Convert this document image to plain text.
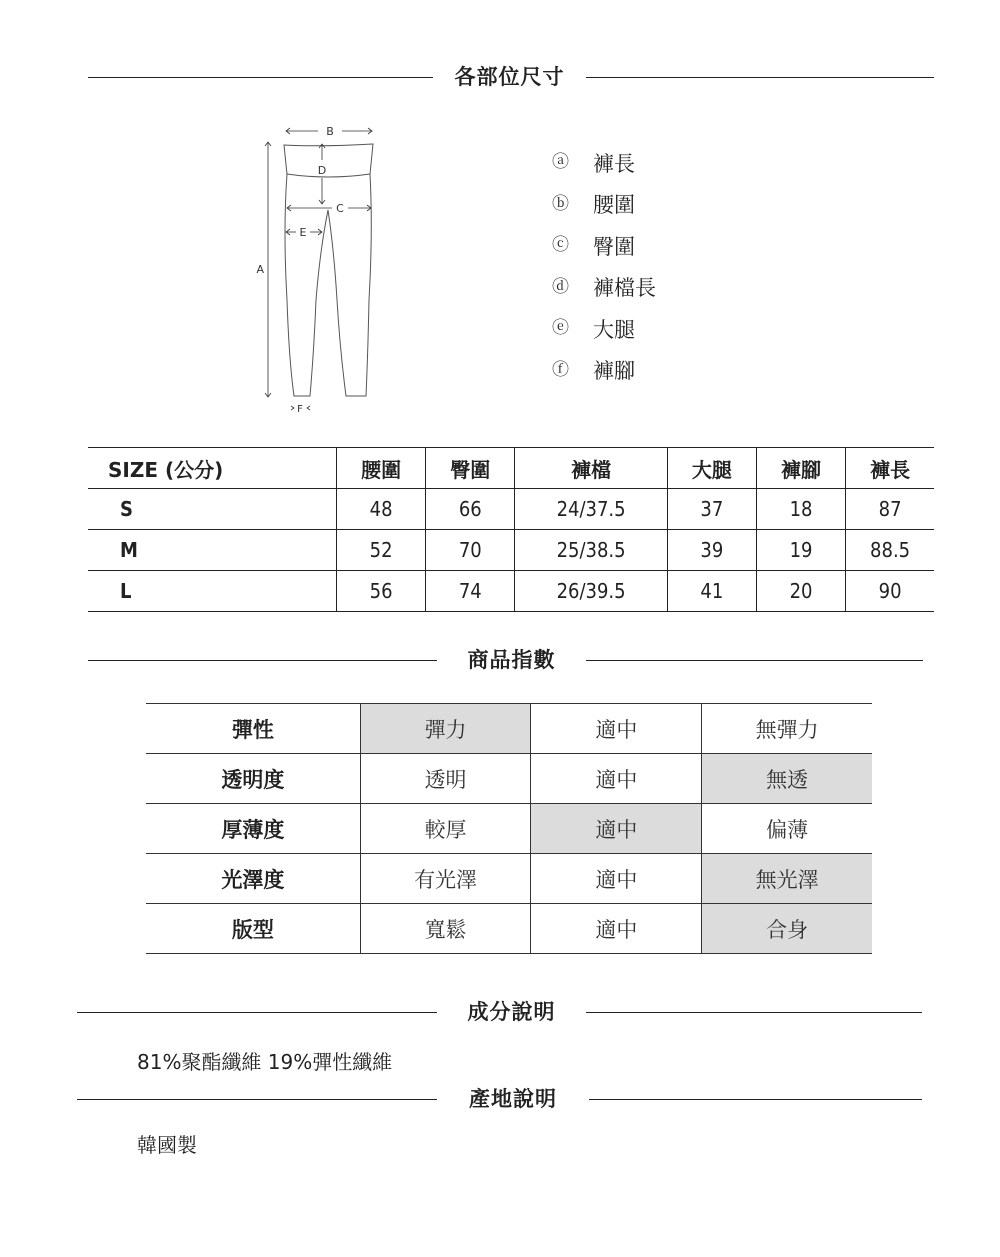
各部位尺寸
A
B
C
D
E
F
ⓐ 褲長
ⓑ 腰圍
ⓒ 臀圍
ⓓ 褲檔長
ⓔ 大腿
ⓕ 褲腳
SIZE (公分)	腰圍	臀圍	褲檔	大腿	褲腳	褲長
S	48	66	24/37.5	37	18	87
M	52	70	25/38.5	39	19	88.5
L	56	74	26/39.5	41	20	90
商品指數
彈性	彈力	適中	無彈力
透明度	透明	適中	無透
厚薄度	較厚	適中	偏薄
光澤度	有光澤	適中	無光澤
版型	寬鬆	適中	合身
成分說明
81%聚酯纖維 19%彈性纖維
產地說明
韓國製
